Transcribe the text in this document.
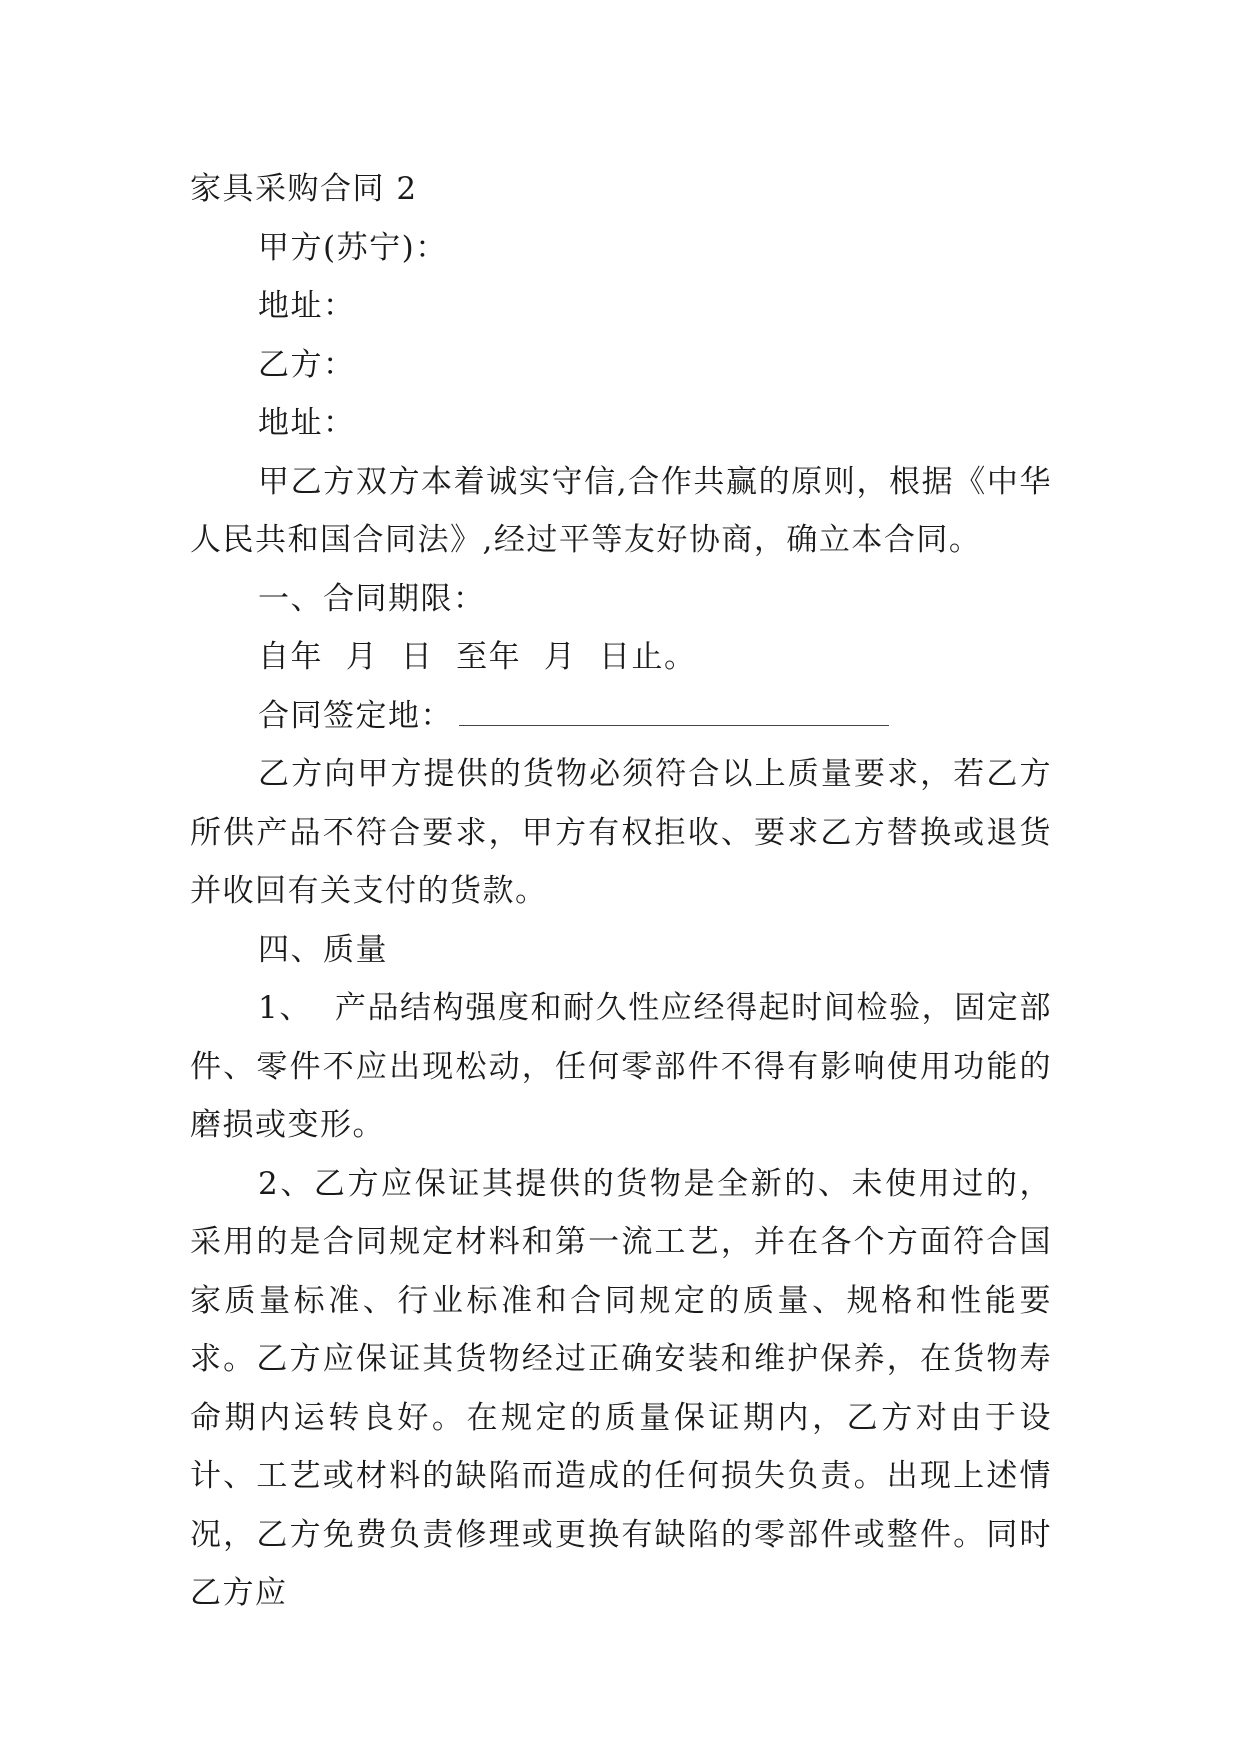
家具采购合同 2

甲方(苏宁)：

地址：

乙方：

地址：

甲乙方双方本着诚实守信,合作共赢的原则，根据《中华人民共和国合同法》,经过平等友好协商，确立本合同。

一、合同期限：

自年  月  日  至年  月  日止。

合同签定地：

乙方向甲方提供的货物必须符合以上质量要求，若乙方所供产品不符合要求，甲方有权拒收、要求乙方替换或退货并收回有关支付的货款。

四、质量

1、  产品结构强度和耐久性应经得起时间检验，固定部件、零件不应出现松动，任何零部件不得有影响使用功能的磨损或变形。

2、乙方应保证其提供的货物是全新的、未使用过的，采用的是合同规定材料和第一流工艺，并在各个方面符合国家质量标准、行业标准和合同规定的质量、规格和性能要求。乙方应保证其货物经过正确安装和维护保养，在货物寿命期内运转良好。在规定的质量保证期内，乙方对由于设计、工艺或材料的缺陷而造成的任何损失负责。出现上述情况，乙方免费负责修理或更换有缺陷的零部件或整件。同时乙方应
